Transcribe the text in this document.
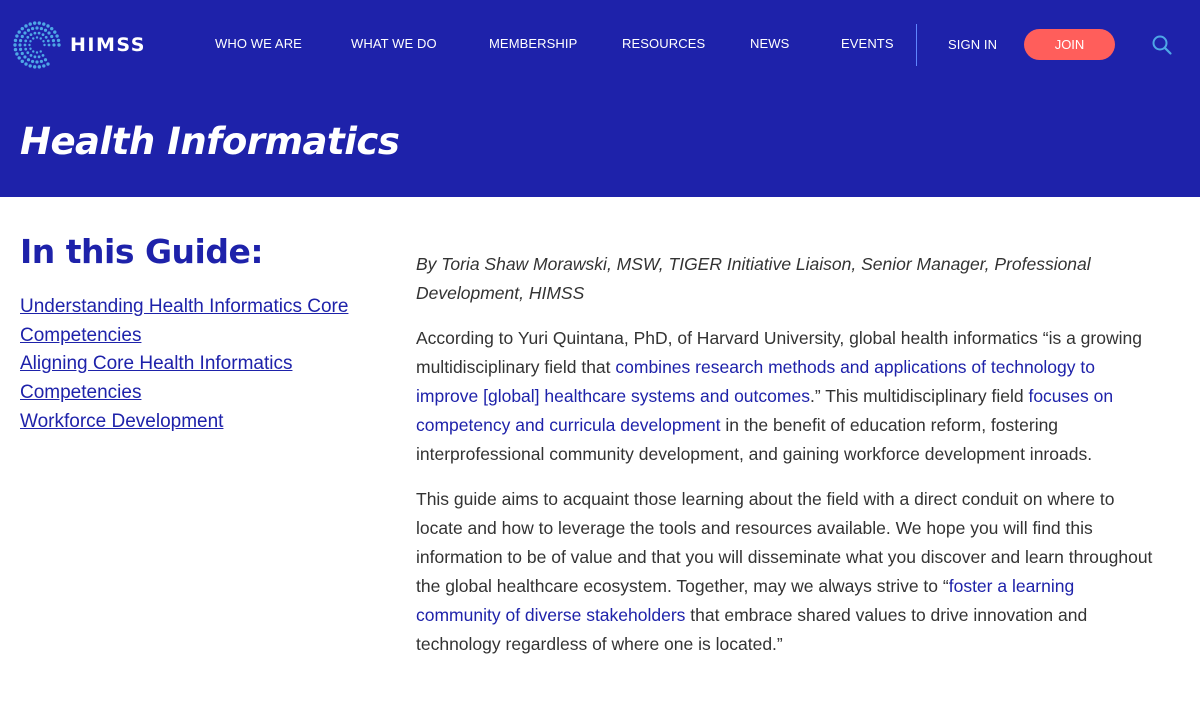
HIMSS	WHO WE ARE	WHAT WE DO	MEMBERSHIP	RESOURCES	NEWS	EVENTS	SIGN IN	JOIN
Health Informatics
In this Guide:
Understanding Health Informatics Core Competencies
Aligning Core Health Informatics Competencies
Workforce Development

By Toria Shaw Morawski, MSW, TIGER Initiative Liaison, Senior Manager, Professional Development, HIMSS

According to Yuri Quintana, PhD, of Harvard University, global health informatics “is a growing multidisciplinary field that combines research methods and applications of technology to improve [global] healthcare systems and outcomes.” This multidisciplinary field focuses on competency and curricula development in the benefit of education reform, fostering interprofessional community development, and gaining workforce development inroads.

This guide aims to acquaint those learning about the field with a direct conduit on where to locate and how to leverage the tools and resources available. We hope you will find this information to be of value and that you will disseminate what you discover and learn throughout the global healthcare ecosystem. Together, may we always strive to “foster a learning community of diverse stakeholders that embrace shared values to drive innovation and technology regardless of where one is located.”
